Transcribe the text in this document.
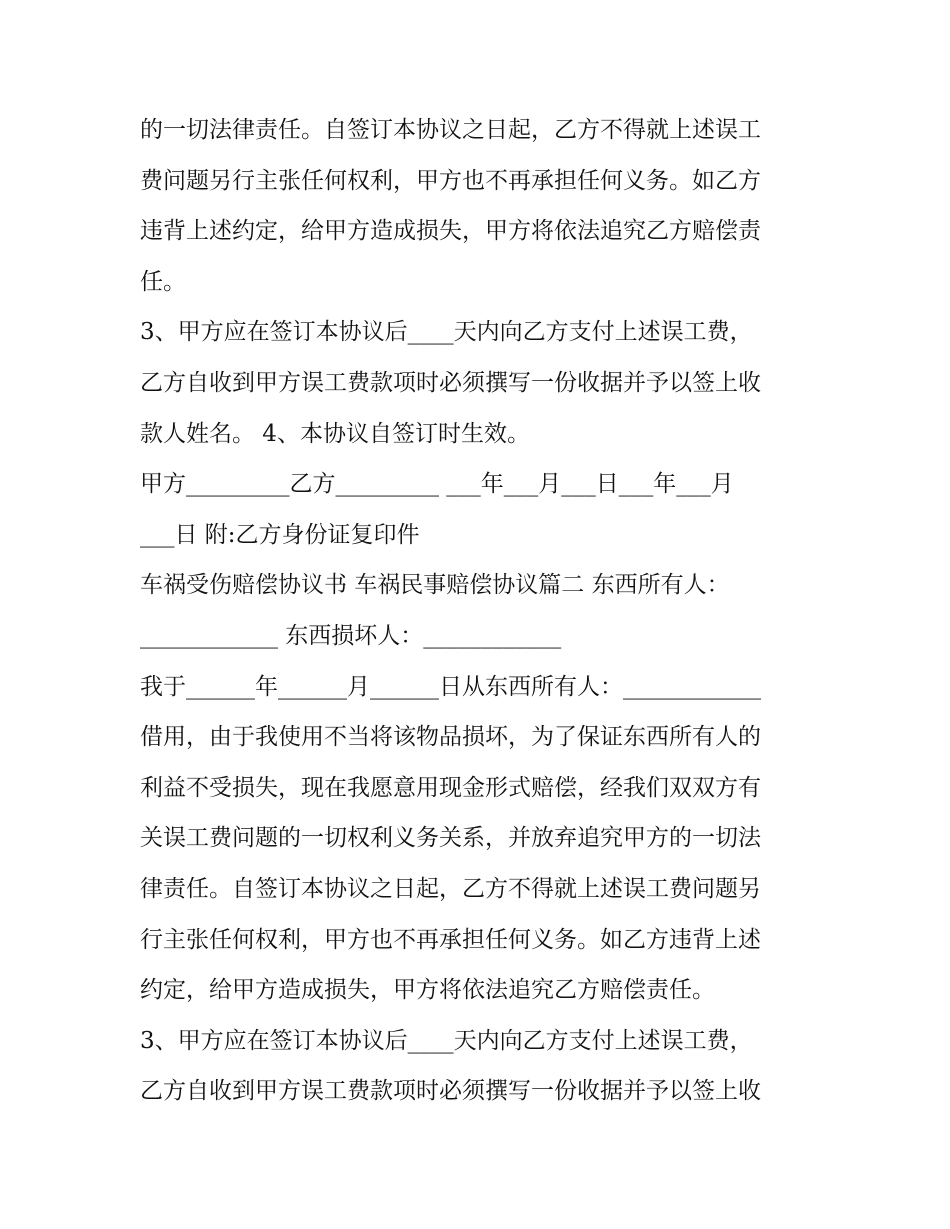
的一切法律责任。自签订本协议之日起，乙方不得就上述误工
费问题另行主张任何权利，甲方也不再承担任何义务。如乙方
违背上述约定，给甲方造成损失，甲方将依法追究乙方赔偿责
任。
3、甲方应在签订本协议后____天内向乙方支付上述误工费，
乙方自收到甲方误工费款项时必须撰写一份收据并予以签上收
款人姓名。 4、本协议自签订时生效。
甲方_________乙方_________ ___年___月___日___年___月
___日 附:乙方身份证复印件
车祸受伤赔偿协议书 车祸民事赔偿协议篇二 东西所有人：
____________ 东西损坏人：____________
我于______年______月______日从东西所有人：____________
借用，由于我使用不当将该物品损坏，为了保证东西所有人的
利益不受损失，现在我愿意用现金形式赔偿，经我们双双方有
关误工费问题的一切权利义务关系，并放弃追究甲方的一切法
律责任。自签订本协议之日起，乙方不得就上述误工费问题另
行主张任何权利，甲方也不再承担任何义务。如乙方违背上述
约定，给甲方造成损失，甲方将依法追究乙方赔偿责任。
3、甲方应在签订本协议后____天内向乙方支付上述误工费，
乙方自收到甲方误工费款项时必须撰写一份收据并予以签上收
